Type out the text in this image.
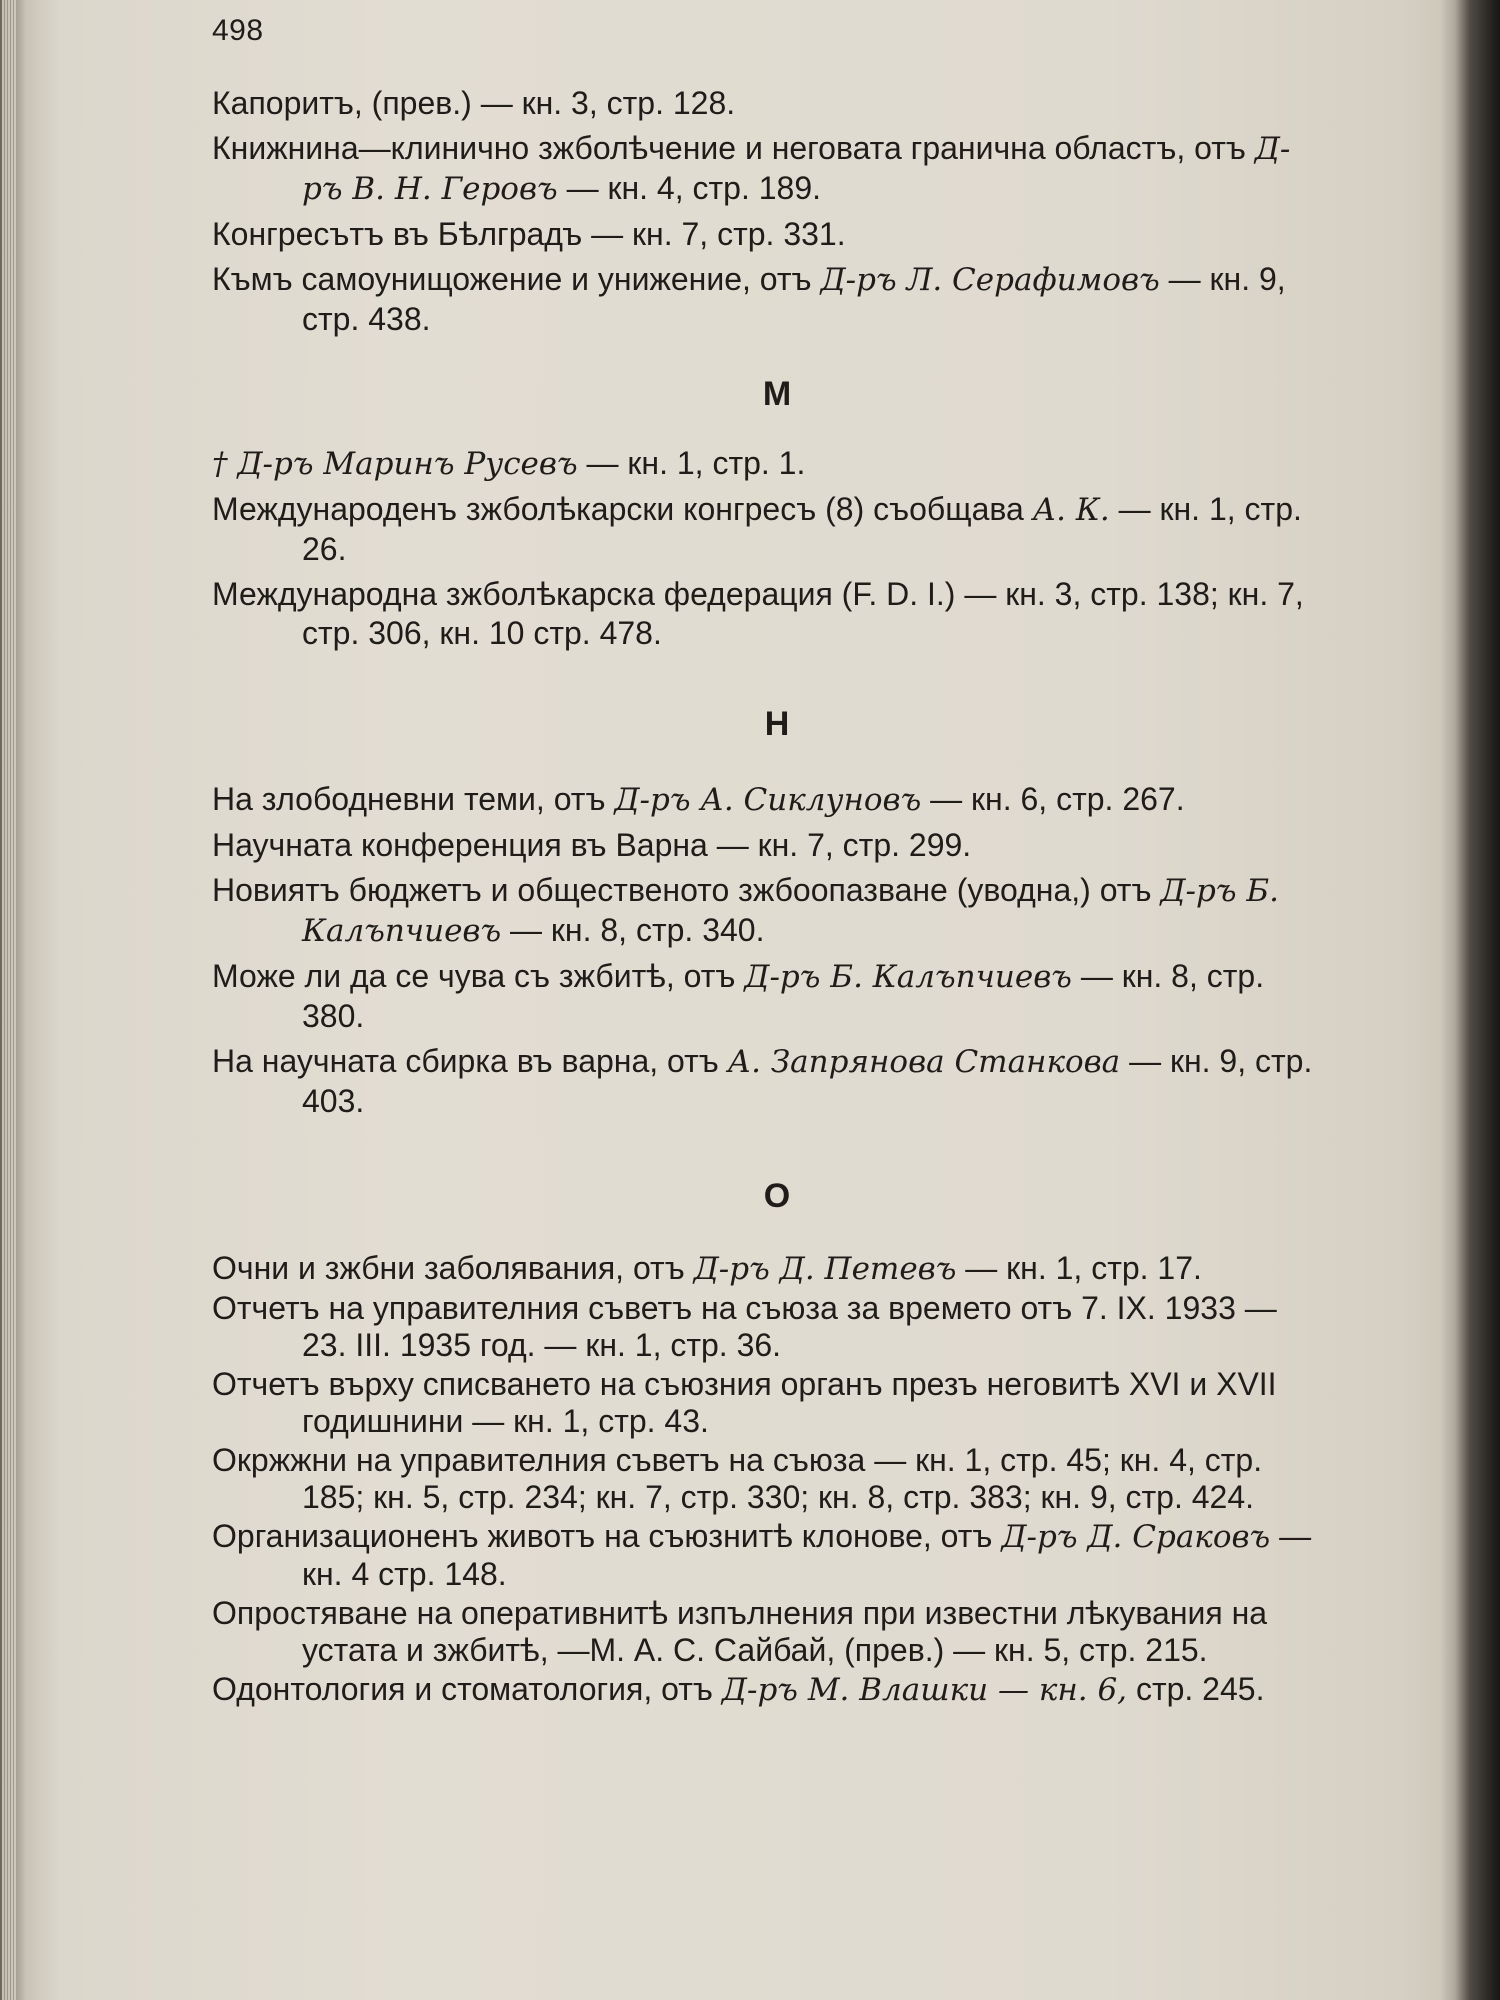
498
Капоритъ, (прев.) — кн. 3, стр. 128.
Книжнина—клинично зжболѣчение и неговата гранична областъ, отъ Д-ръ В. Н. Геровъ — кн. 4, стр. 189.
Конгресътъ въ Бѣлградъ — кн. 7, стр. 331.
Къмъ самоунищожение и унижение, отъ Д-ръ Л. Серафимовъ — кн. 9, стр. 438.
М
† Д-ръ Маринъ Русевъ — кн. 1, стр. 1.
Международенъ зжболѣкарски конгресъ (8) съобщава А. К. — кн. 1, стр. 26.
Международна зжболѣкарска федерация (F. D. I.) — кн. 3, стр. 138; кн. 7, стр. 306, кн. 10 стр. 478.
Н
На злободневни теми, отъ Д-ръ А. Сиклуновъ — кн. 6, стр. 267.
Научната конференция въ Варна — кн. 7, стр. 299.
Новиятъ бюджетъ и общественото зжбоопазване (уводна,) отъ Д-ръ Б. Калъпчиевъ — кн. 8, стр. 340.
Може ли да се чува съ зжбитѣ, отъ Д-ръ Б. Калъпчиевъ — кн. 8, стр. 380.
На научната сбирка въ варна, отъ А. Запрянова Станкова — кн. 9, стр. 403.
О
Очни и зжбни заболявания, отъ Д-ръ Д. Петевъ — кн. 1, стр. 17.
Отчетъ на управителния съветъ на съюза за времето отъ 7. IX. 1933 — 23. III. 1935 год. — кн. 1, стр. 36.
Отчетъ върху списването на съюзния органъ презъ неговитѣ XVI и XVII годишнини — кн. 1, стр. 43.
Окржжни на управителния съветъ на съюза — кн. 1, стр. 45; кн. 4, стр. 185; кн. 5, стр. 234; кн. 7, стр. 330; кн. 8, стр. 383; кн. 9, стр. 424.
Организационенъ животъ на съюзнитѣ клонове, отъ Д-ръ Д. Сраковъ — кн. 4 стр. 148.
Опростяване на оперативнитѣ изпълнения при известни лѣкувания на устата и зжбитѣ, —М. А. С. Сайбай, (прев.) — кн. 5, стр. 215.
Одонтология и стоматология, отъ Д-ръ М. Влашки — кн. 6, стр. 245.
